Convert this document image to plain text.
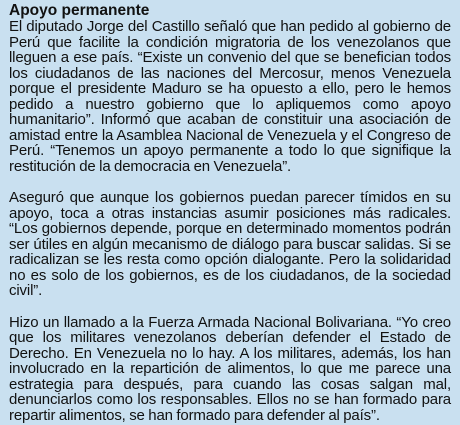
Apoyo permanente

El diputado Jorge del Castillo señaló que han pedido al gobierno de Perú que facilite la condición migratoria de los venezolanos que lleguen a ese país. “Existe un convenio del que se benefician todos los ciudadanos de las naciones del Mercosur, menos Venezuela porque el presidente Maduro se ha opuesto a ello, pero le hemos pedido a nuestro gobierno que lo apliquemos como apoyo humanitario”. Informó que acaban de constituir una asociación de amistad entre la Asamblea Nacional de Venezuela y el Congreso de Perú. “Tenemos un apoyo permanente a todo lo que signifique la restitución de la democracia en Venezuela”.

Aseguró que aunque los gobiernos puedan parecer tímidos en su apoyo, toca a otras instancias asumir posiciones más radicales. “Los gobiernos depende, porque en determinado momentos podrán ser útiles en algún mecanismo de diálogo para buscar salidas. Si se radicalizan se les resta como opción dialogante. Pero la solidaridad no es solo de los gobiernos, es de los ciudadanos, de la sociedad civil”.

Hizo un llamado a la Fuerza Armada Nacional Bolivariana. “Yo creo que los militares venezolanos deberían defender el Estado de Derecho. En Venezuela no lo hay. A los militares, además, los han involucrado en la repartición de alimentos, lo que me parece una estrategia para después, para cuando las cosas salgan mal, denunciarlos como los responsables. Ellos no se han formado para repartir alimentos, se han formado para defender al país”.
